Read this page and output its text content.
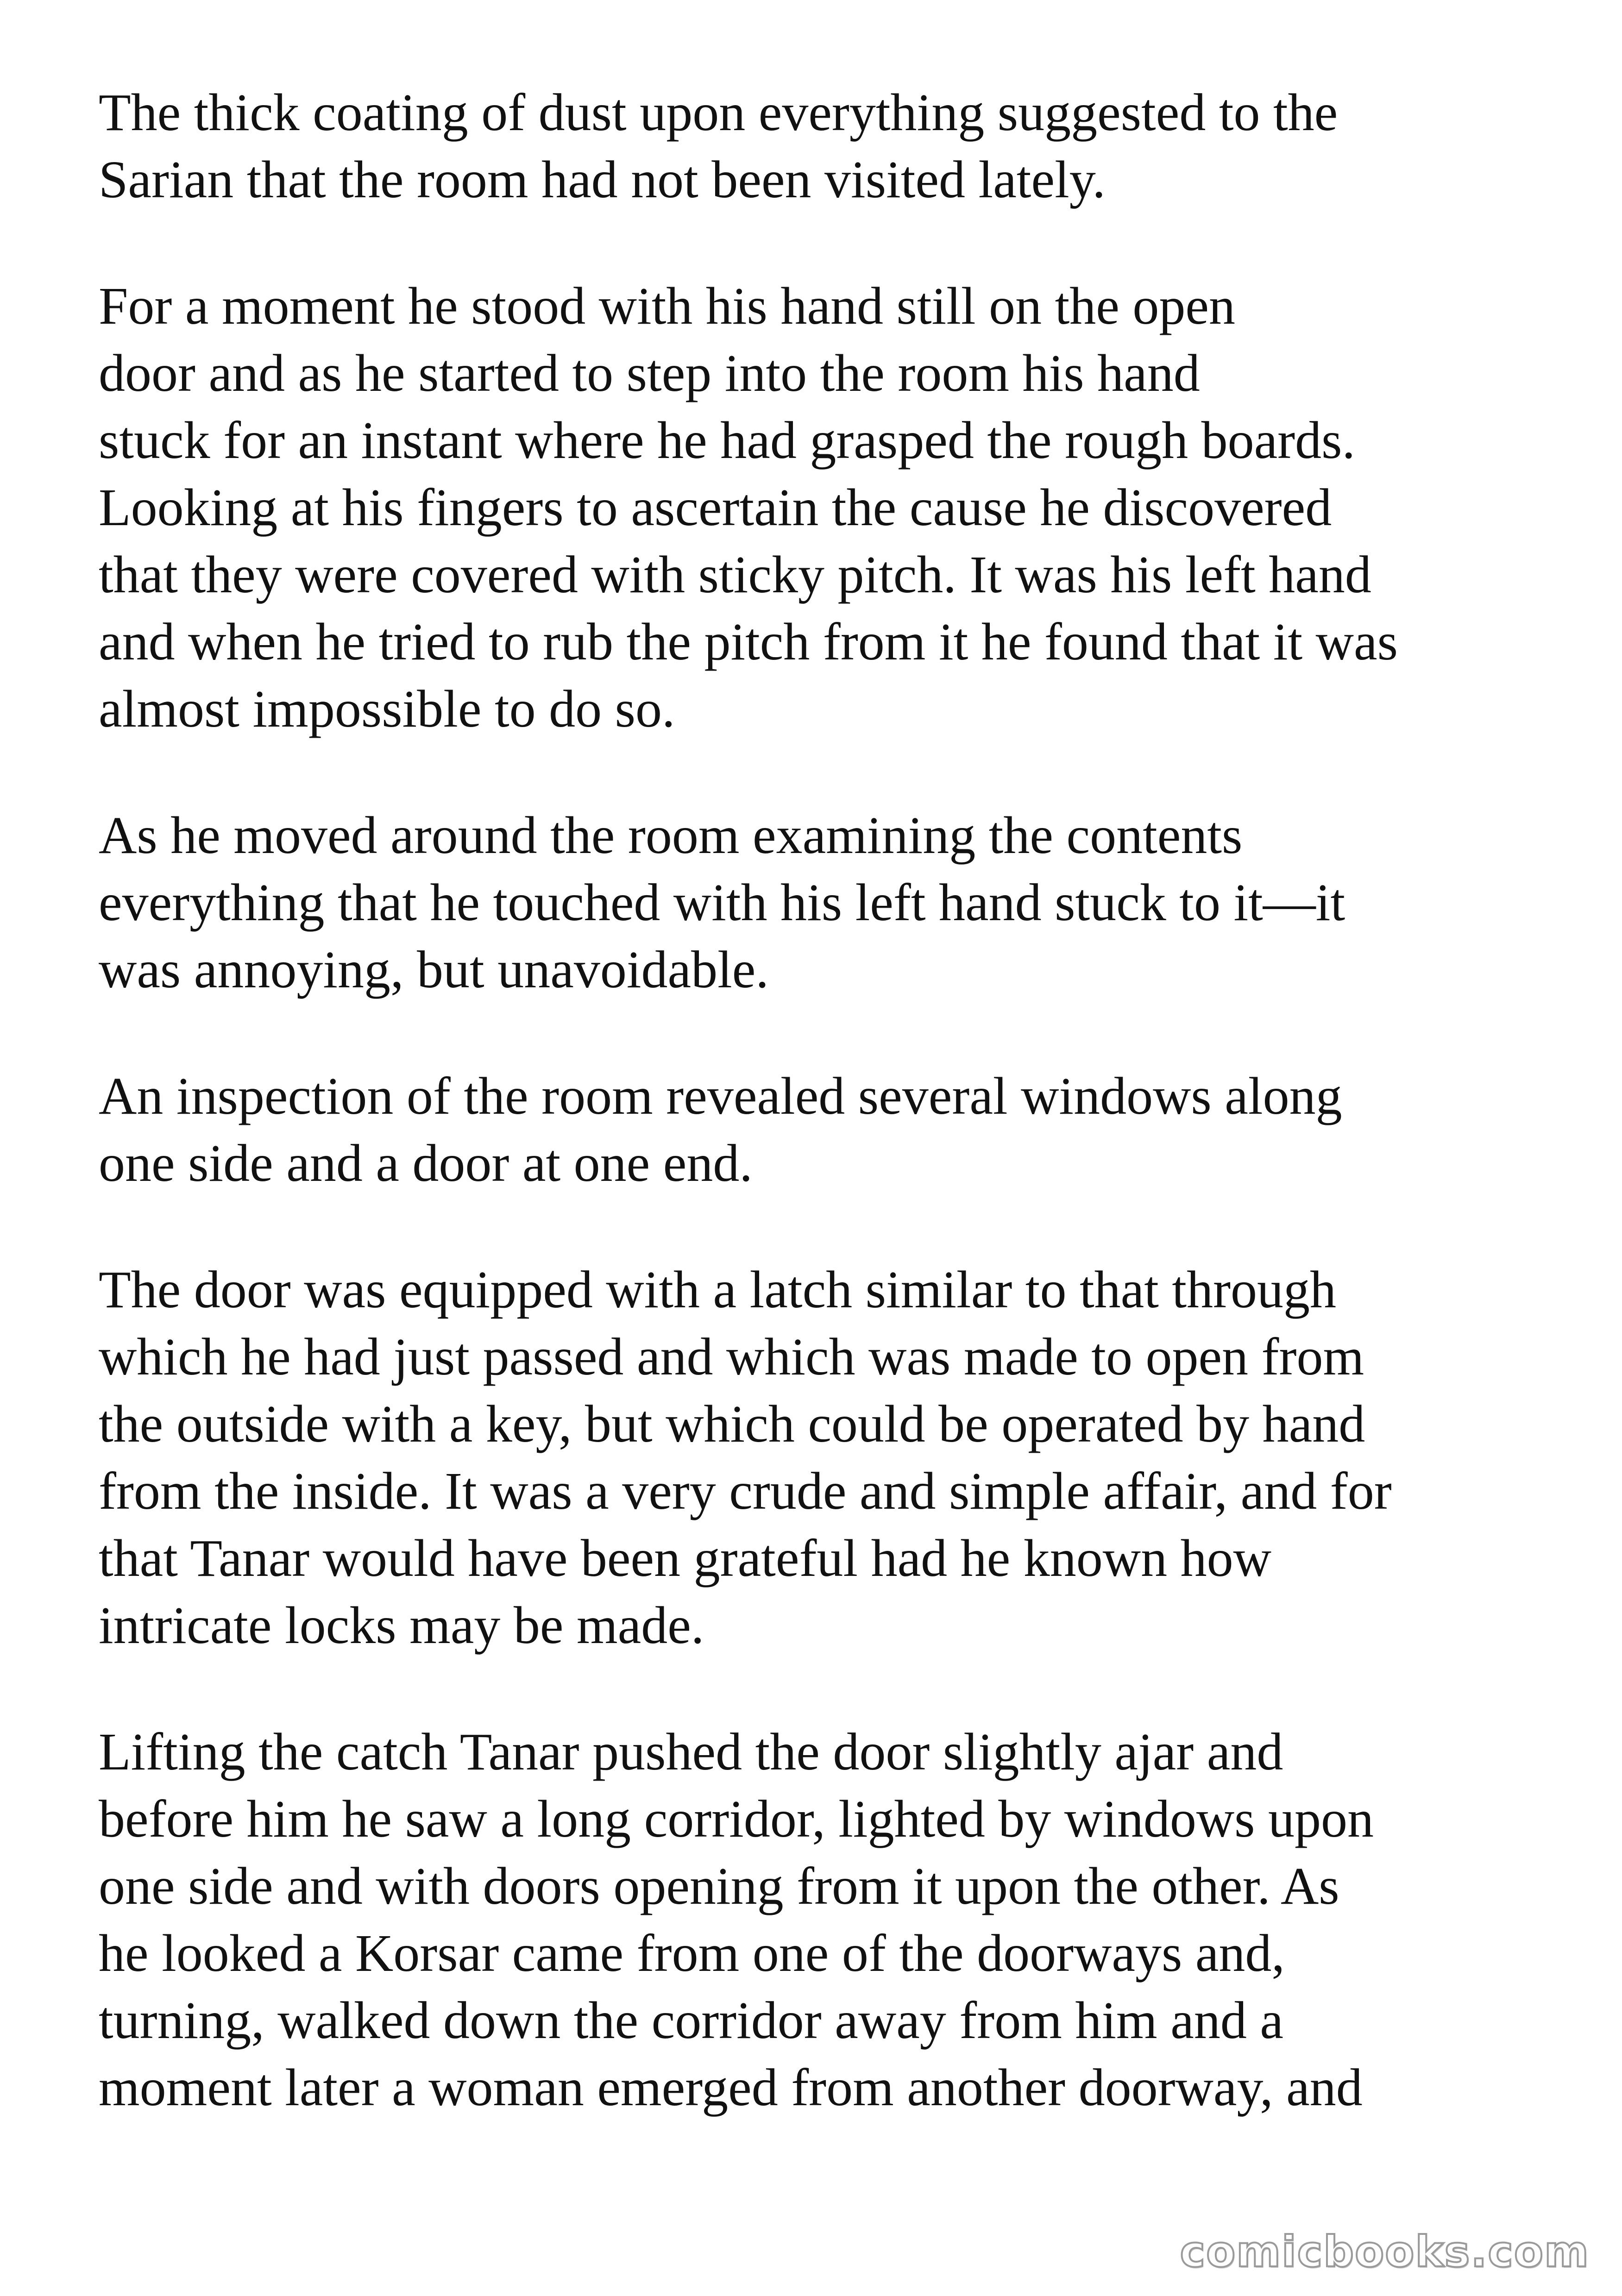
The thick coating of dust upon everything suggested to the
Sarian that the room had not been visited lately.

For a moment he stood with his hand still on the open
door and as he started to step into the room his hand
stuck for an instant where he had grasped the rough boards.
Looking at his fingers to ascertain the cause he discovered
that they were covered with sticky pitch. It was his left hand
and when he tried to rub the pitch from it he found that it was
almost impossible to do so.

As he moved around the room examining the contents
everything that he touched with his left hand stuck to it—it
was annoying, but unavoidable.

An inspection of the room revealed several windows along
one side and a door at one end.

The door was equipped with a latch similar to that through
which he had just passed and which was made to open from
the outside with a key, but which could be operated by hand
from the inside. It was a very crude and simple affair, and for
that Tanar would have been grateful had he known how
intricate locks may be made.

Lifting the catch Tanar pushed the door slightly ajar and
before him he saw a long corridor, lighted by windows upon
one side and with doors opening from it upon the other. As
he looked a Korsar came from one of the doorways and,
turning, walked down the corridor away from him and a
moment later a woman emerged from another doorway, and

comicbooks.com
